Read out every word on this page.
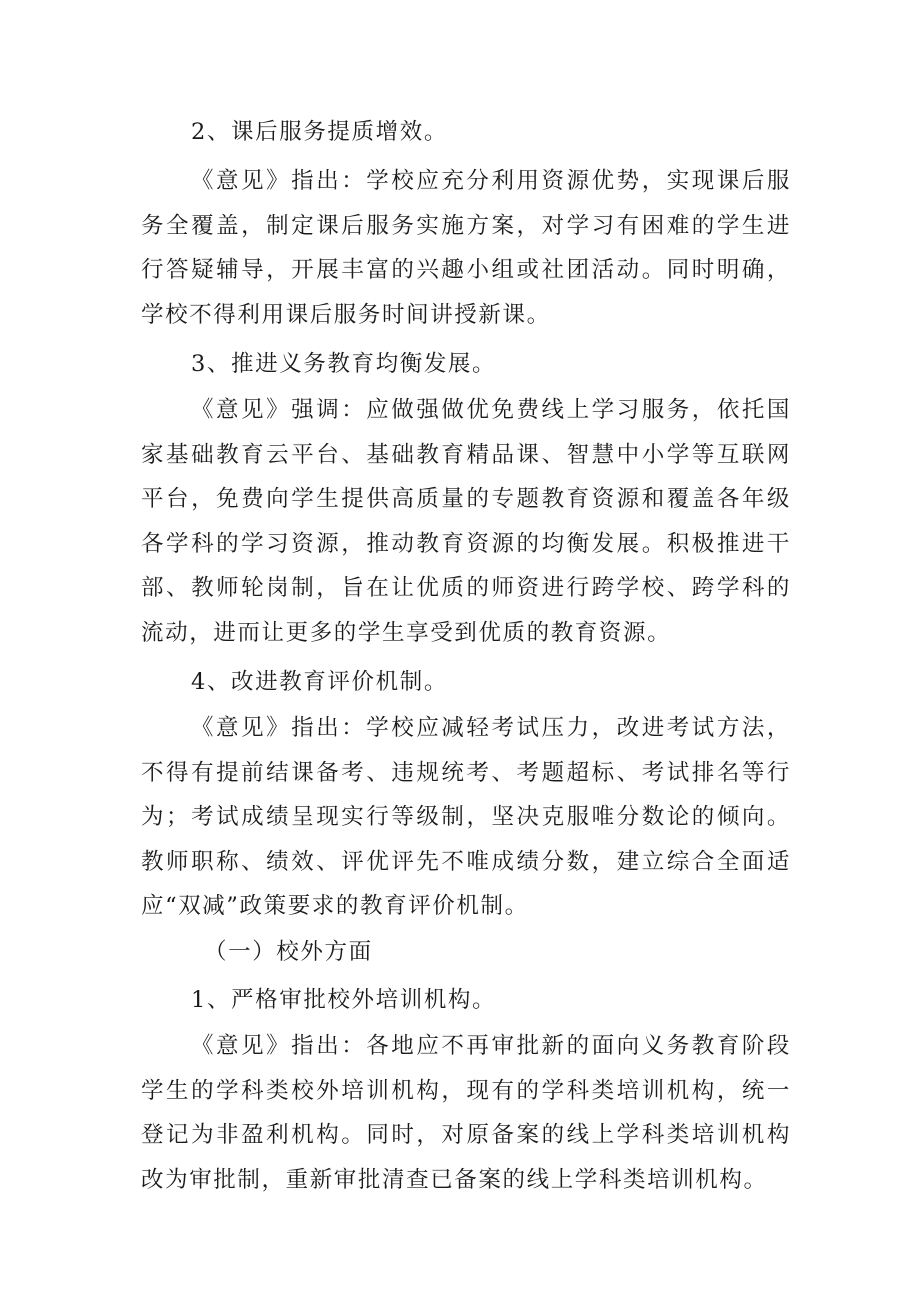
2、课后服务提质增效。

《意见》指出：学校应充分利用资源优势，实现课后服务全覆盖，制定课后服务实施方案，对学习有困难的学生进行答疑辅导，开展丰富的兴趣小组或社团活动。同时明确，学校不得利用课后服务时间讲授新课。

3、推进义务教育均衡发展。

《意见》强调：应做强做优免费线上学习服务，依托国家基础教育云平台、基础教育精品课、智慧中小学等互联网平台，免费向学生提供高质量的专题教育资源和覆盖各年级各学科的学习资源，推动教育资源的均衡发展。积极推进干部、教师轮岗制，旨在让优质的师资进行跨学校、跨学科的流动，进而让更多的学生享受到优质的教育资源。

4、改进教育评价机制。

《意见》指出：学校应减轻考试压力，改进考试方法，不得有提前结课备考、违规统考、考题超标、考试排名等行为；考试成绩呈现实行等级制，坚决克服唯分数论的倾向。教师职称、绩效、评优评先不唯成绩分数，建立综合全面适应“双减”政策要求的教育评价机制。

（一）校外方面

1、严格审批校外培训机构。

《意见》指出：各地应不再审批新的面向义务教育阶段学生的学科类校外培训机构，现有的学科类培训机构，统一登记为非盈利机构。同时，对原备案的线上学科类培训机构改为审批制，重新审批清查已备案的线上学科类培训机构。
